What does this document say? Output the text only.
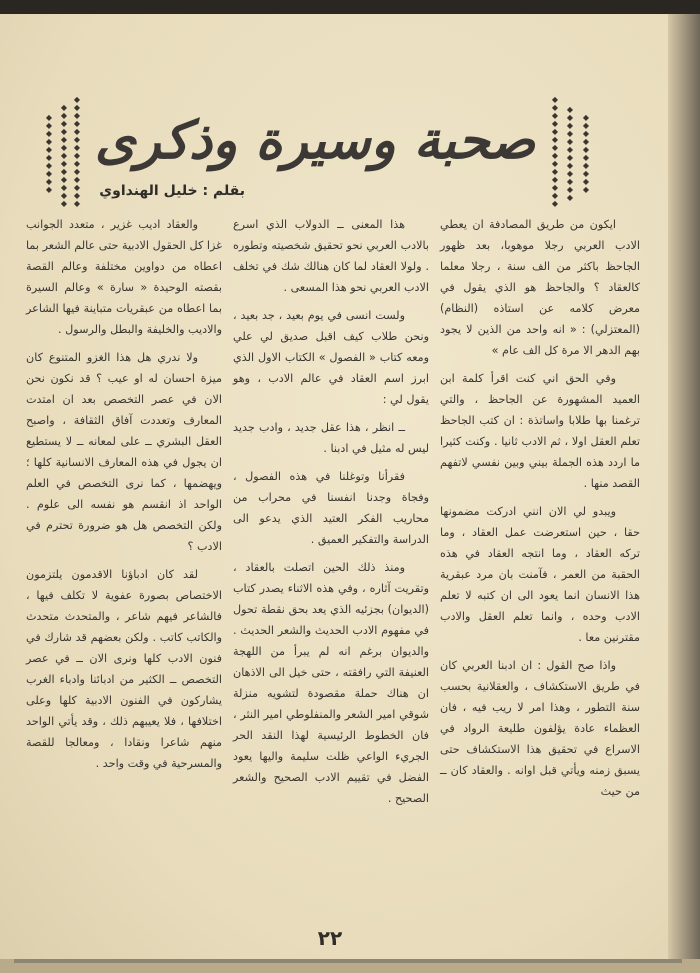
◆
◆
◆
◆
◆
◆
◆
◆
◆
◆
◆
◆
◆
◆
◆
◆
◆
◆
◆
◆
◆
◆
◆
◆
◆
◆
◆
◆
◆
◆
◆
◆
◆
◆
◆
◆
◆
◆
◆
◆
◆
◆
◆
◆
◆
◆
◆
◆
◆
◆
◆
◆
◆
◆
◆
◆
◆
◆
◆
◆
◆
◆
◆
◆
◆
◆
◆
◆
◆
◆
◆
◆
◆
صحبة وسيرة وذكرى
بقلم : خليل الهنداوي

ايكون من طريق المصادفة ان يعطي الادب العربي رجلا موهوبا، بعد ظهور الجاحظ باكثر من الف سنة ، رجلا معلما كالعقاد ؟ والجاحظ هو الذي يقول في معرض كلامه عن استاذه (النظام) (المعتزلي) : « انه واحد من الذين لا يجود بهم الدهر الا مرة كل الف عام »

وفي الحق اني كنت اقرأ كلمة ابن العميد المشهورة عن الجاحظ ، والتي ترغمنا بها طلابا واساتذة : ان كتب الجاحظ تعلم العقل اولا ، ثم الادب ثانيا . وكنت كثيرا ما اردد هذه الجملة بيني وبين نفسي لاتفهم القصد منها .

ويبدو لي الان انني ادركت مضمونها حقا ، حين استعرضت عمل العقاد ، وما تركه العقاد ، وما انتجه العقاد في هذه الحقبة من العمر ، فآمنت بان مرد عبقرية هذا الانسان انما يعود الى ان كتبه لا تعلم الادب وحده ، وانما تعلم العقل والادب مقترنين معا .

واذا صح القول : ان ادبنا العربي كان في طريق الاستكشاف ، والعقلانية بحسب سنة التطور ، وهذا امر لا ريب فيه ، فان العظماء عادة يؤلفون طليعة الرواد في الاسراع في تحقيق هذا الاستكشاف حتى يسبق زمنه ويأتي قبل اوانه . والعقاد كان ــ من حيث

هذا المعنى ــ الدولاب الذي اسرع بالادب العربي نحو تحقيق شخصيته وتطوره . ولولا العقاد لما كان هنالك شك في تخلف الادب العربي نحو هذا المسعى .

ولست انسى في يوم بعيد ، جد بعيد ، ونحن طلاب كيف اقبل صديق لي علي ومعه كتاب « الفصول » الكتاب الاول الذي ابرز اسم العقاد في عالم الادب ، وهو يقول لي :

ــ انظر ، هذا عقل جديد ، وادب جديد ليس له مثيل في ادبنا .

فقرأنا وتوغلنا في هذه الفصول ، وفجاة وجدنا انفسنا في محراب من محاريب الفكر العتيد الذي يدعو الى الدراسة والتفكير العميق .

ومنذ ذلك الحين اتصلت بالعقاد ، وتقريت آثاره ، وفي هذه الاثناء يصدر كتاب (الديوان) بجزئيه الذي يعد بحق نقطة تحول في مفهوم الادب الحديث والشعر الحديث . والديوان برغم انه لم يبرأ من اللهجة العنيفة التي رافقته ، حتى خيل الى الاذهان ان هناك حملة مقصودة لتشويه منزلة شوقي امير الشعر والمنفلوطي امير النثر ، فان الخطوط الرئيسية لهذا النقد الحر الجريء الواعي ظلت سليمة واليها يعود الفضل في تقييم الادب الصحيح والشعر الصحيح .

والعقاد اديب غزير ، متعدد الجوانب غزا كل الحقول الادبية حتى عالم الشعر بما اعطاه من دواوين مختلفة وعالم القصة بقصته الوحيدة « سارة » وعالم السيرة بما اعطاه من عبقريات متباينة فيها الشاعر والاديب والخليفة والبطل والرسول .

ولا ندري هل هذا الغزو المتنوع كان ميزة احسان له او عيب ؟ قد نكون نحن الان في عصر التخصص بعد ان امتدت المعارف وتعددت آفاق الثقافة ، واصبح العقل البشري ــ على لمعانه ــ لا يستطيع ان يجول في هذه المعارف الانسانية كلها ؛ ويهضمها ، كما نرى التخصص في العلم الواحد اذ انقسم هو نفسه الى علوم . ولكن التخصص هل هو ضرورة تحترم في الادب ؟

لقد كان ادباؤنا الاقدمون يلتزمون الاختصاص بصورة عفوية لا تكلف فيها ، فالشاعر فيهم شاعر ، والمتحدث متحدث والكاتب كاتب . ولكن بعضهم قد شارك في فنون الادب كلها ونرى الان ــ في عصر التخصص ــ الكثير من ادبائنا وادباء الغرب يشاركون في الفنون الادبية كلها وعلى اختلافها ، فلا يعيبهم ذلك ، وقد يأتي الواحد منهم شاعرا ونقادا ، ومعالجا للقصة والمسرحية في وقت واحد .

٢٢
